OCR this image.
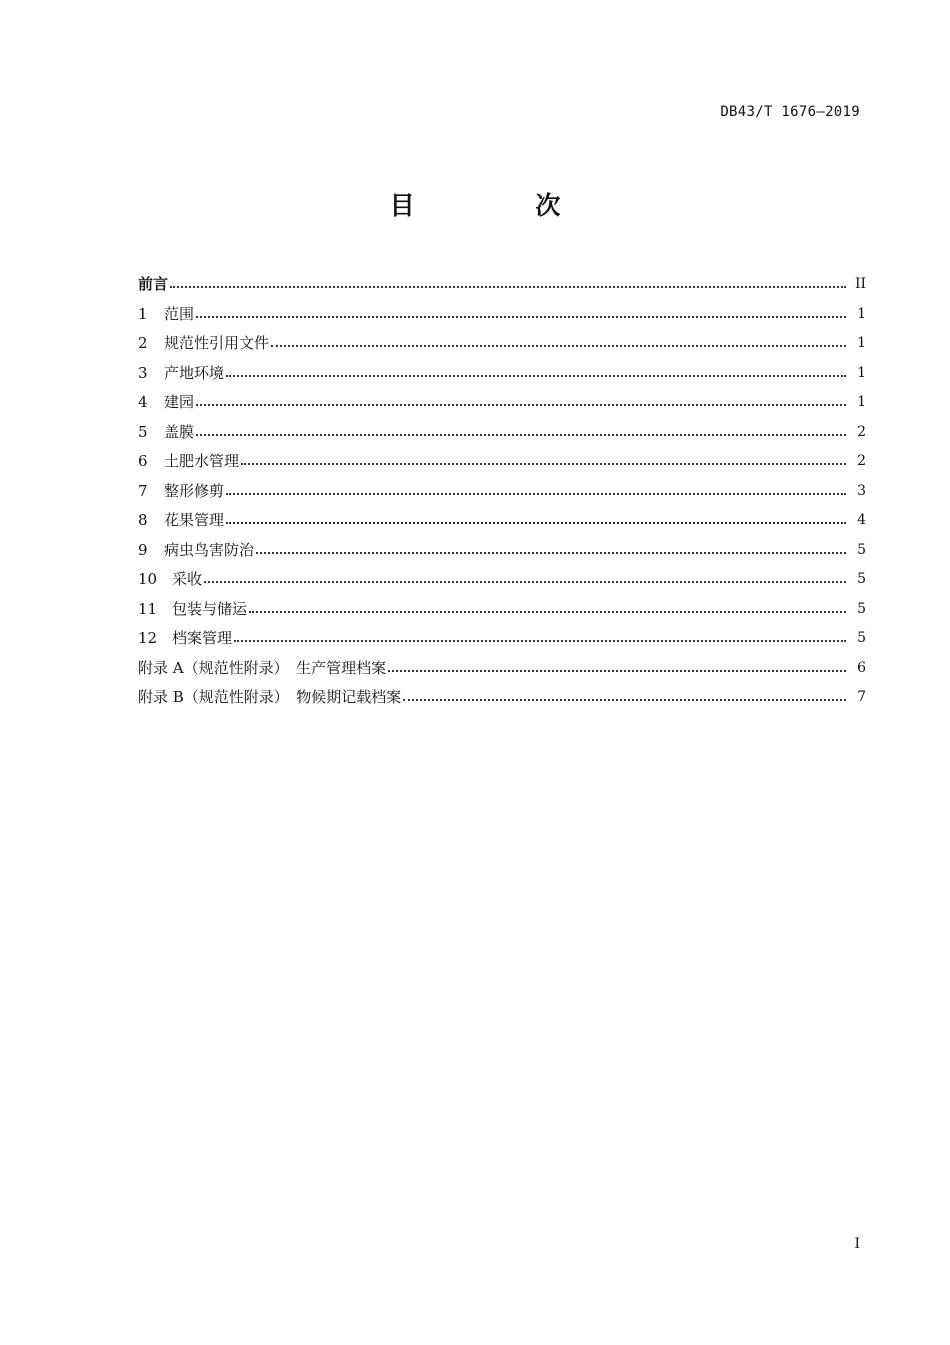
DB43/T 1676—2019
目 次
前言	II
1	范围	1
2	规范性引用文件	1
3	产地环境	1
4	建园	1
5	盖膜	2
6	土肥水管理	2
7	整形修剪	3
8	花果管理	4
9	病虫鸟害防治	5
10 采收	5
11 包装与储运	5
12 档案管理	5
附录 A（规范性附录）　生产管理档案	6
附录 B（规范性附录）　物候期记载档案	7
I
